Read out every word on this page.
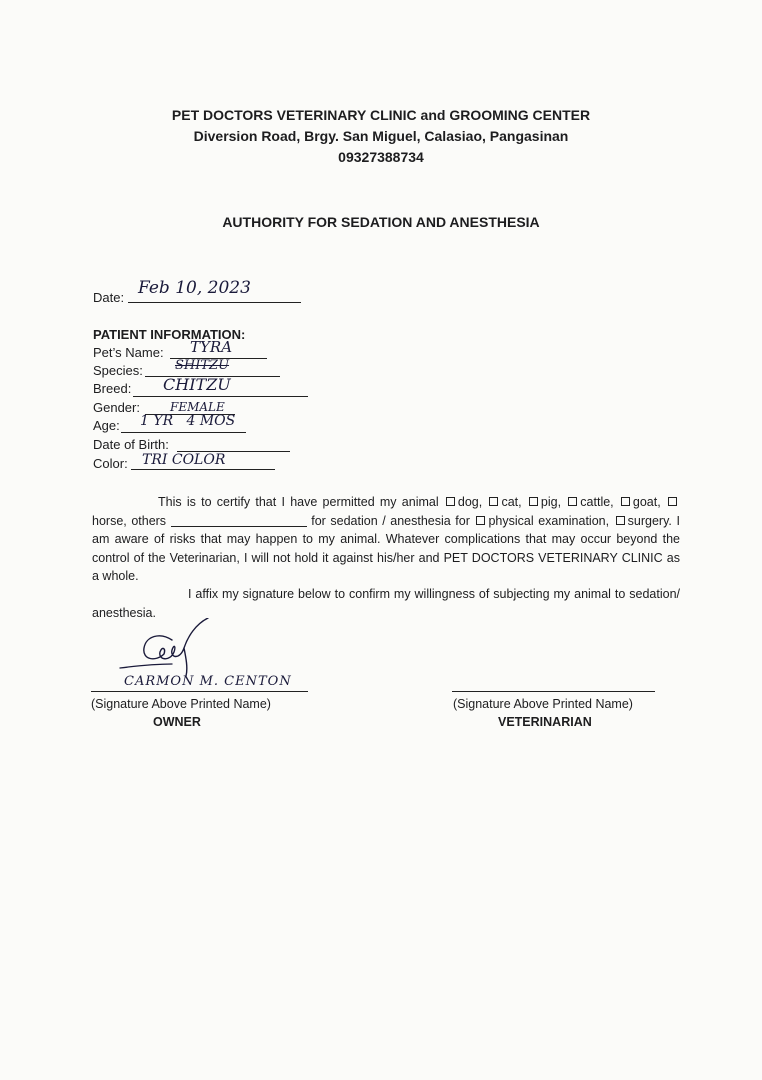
PET DOCTORS VETERINARY CLINIC and GROOMING CENTER
Diversion Road, Brgy. San Miguel, Calasiao, Pangasinan
09327388734
AUTHORITY FOR SEDATION AND ANESTHESIA
Date: Feb 10, 2023
PATIENT INFORMATION:
Pet’s Name: TYRA
Species: SHITZU
Breed: CHITZU
Gender:	FEMALE
Age: 1 YR   4 MOS
Date of Birth:
Color: TRI COLOR
This is to certify that I have permitted my animal dog, cat, pig, cattle, goat, horse, others	for sedation / anesthesia for physical examination, surgery. I am aware of risks that may happen to my animal. Whatever complications that may occur beyond the control of the Veterinarian, I will not hold it against his/her and PET DOCTORS VETERINARY CLINIC as a whole.
I affix my signature below to confirm my willingness of subjecting my animal to sedation/ anesthesia.
CARMON M. CENTON
(Signature Above Printed Name)
OWNER
(Signature Above Printed Name)
VETERINARIAN
